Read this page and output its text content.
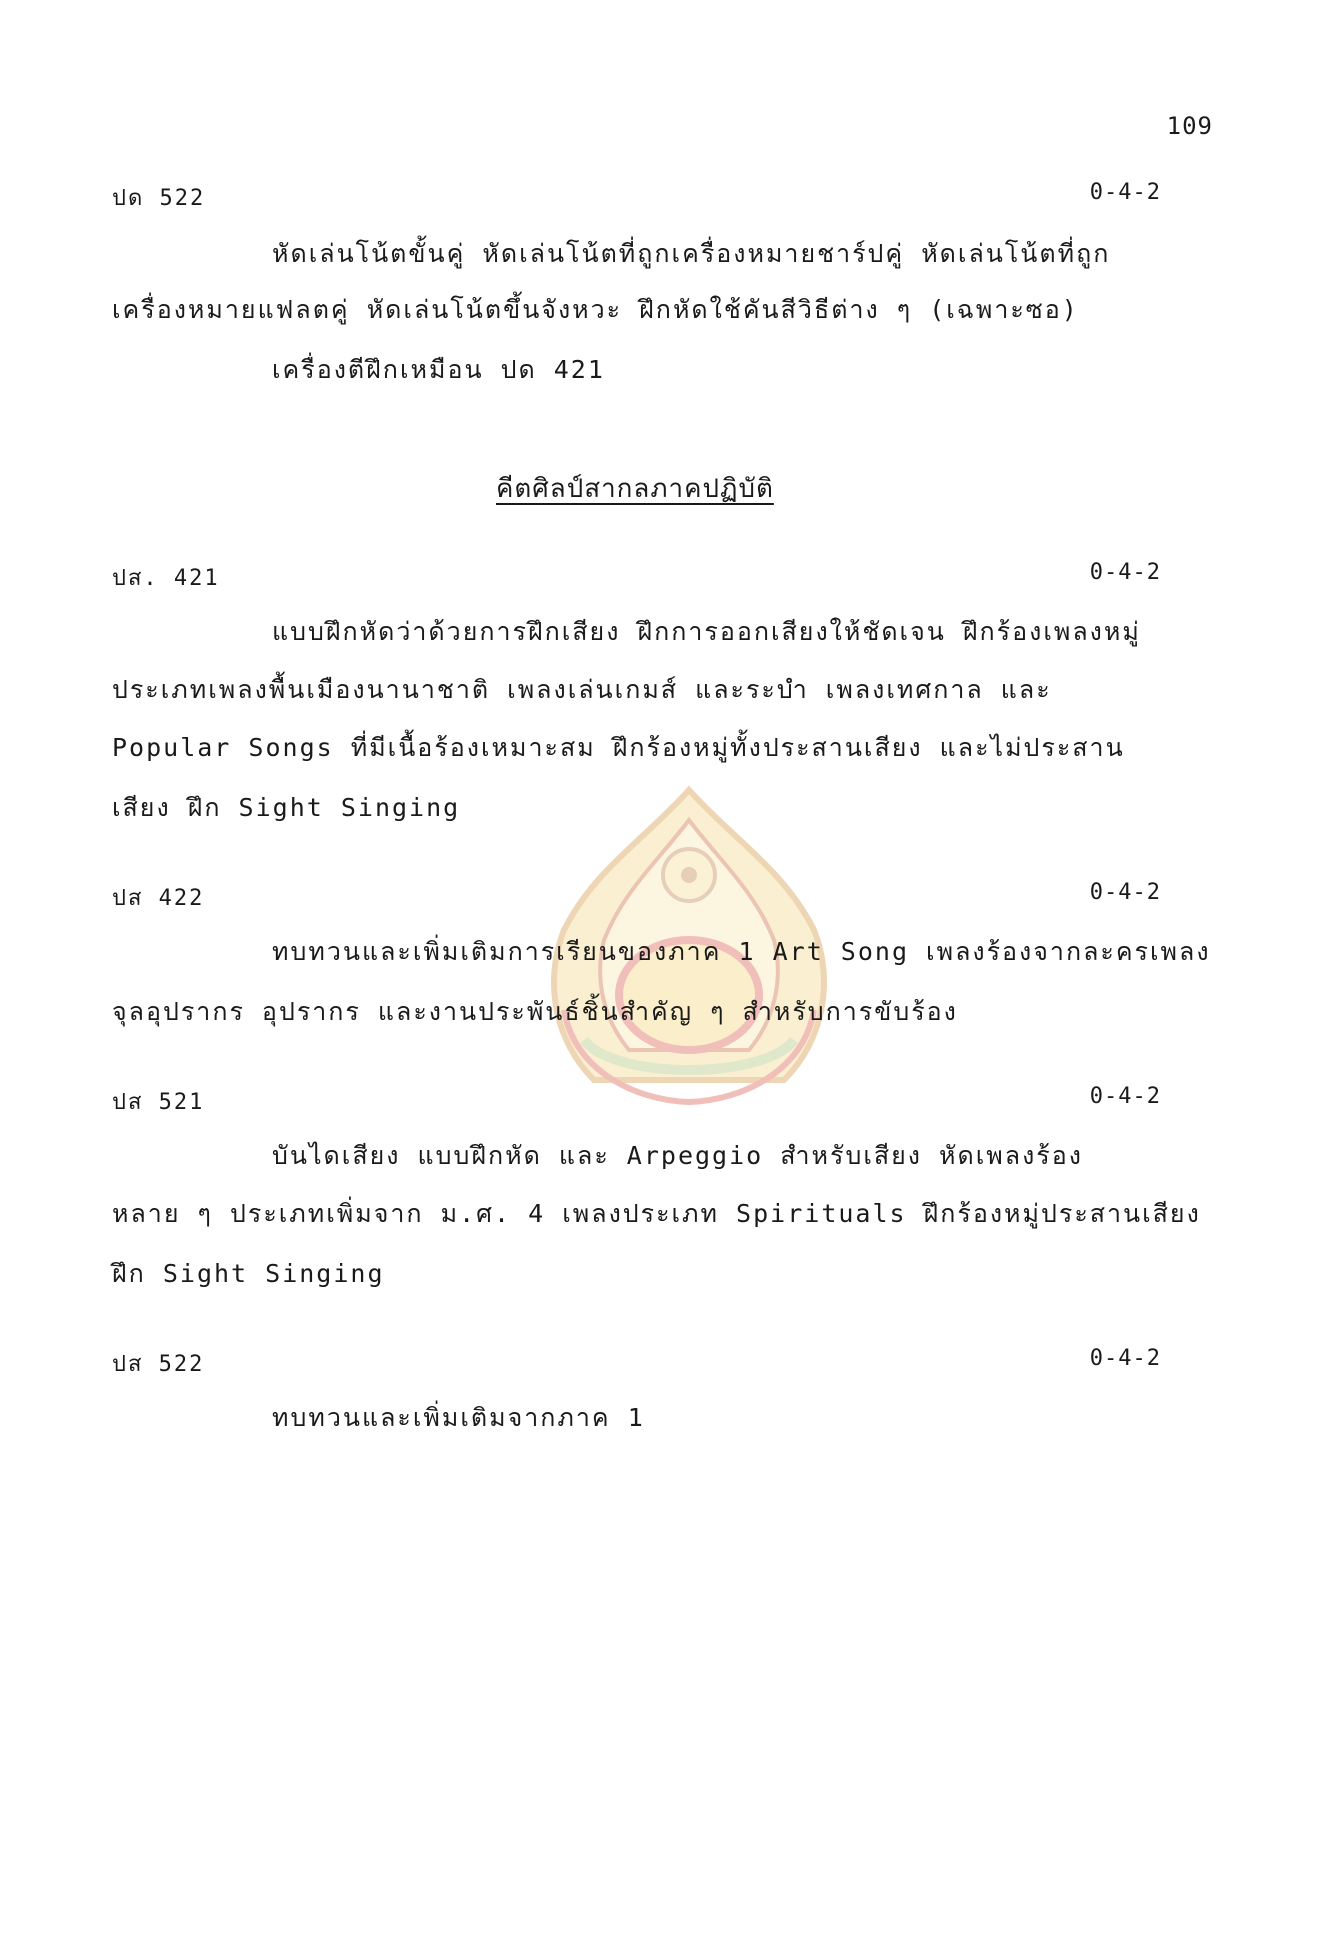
109
ปด 522	0-4-2
หัดเล่นโน้ตขั้นคู่ หัดเล่นโน้ตที่ถูกเครื่องหมายชาร์ปคู่ หัดเล่นโน้ตที่ถูก
เครื่องหมายแฟลตคู่ หัดเล่นโน้ตขึ้นจังหวะ ฝึกหัดใช้คันสีวิธีต่าง ๆ (เฉพาะซอ)
เครื่องตีฝึกเหมือน ปด 421
คีตศิลป์สากลภาคปฏิบัติ
ปส. 421	0-4-2
แบบฝึกหัดว่าด้วยการฝึกเสียง ฝึกการออกเสียงให้ชัดเจน ฝึกร้องเพลงหมู่
ประเภทเพลงพื้นเมืองนานาชาติ เพลงเล่นเกมส์ และระบำ เพลงเทศกาล และ
Popular Songs ที่มีเนื้อร้องเหมาะสม ฝึกร้องหมู่ทั้งประสานเสียง และไม่ประสาน
เสียง ฝึก Sight Singing
ปส 422	0-4-2
ทบทวนและเพิ่มเติมการเรียนของภาค 1 Art Song เพลงร้องจากละครเพลง
จุลอุปรากร อุปรากร และงานประพันธ์ชิ้นสำคัญ ๆ สำหรับการขับร้อง
ปส 521	0-4-2
บันไดเสียง แบบฝึกหัด และ Arpeggio สำหรับเสียง หัดเพลงร้อง
หลาย ๆ ประเภทเพิ่มจาก ม.ศ. 4 เพลงประเภท Spirituals ฝึกร้องหมู่ประสานเสียง
ฝึก Sight Singing
ปส 522	0-4-2
ทบทวนและเพิ่มเติมจากภาค 1
